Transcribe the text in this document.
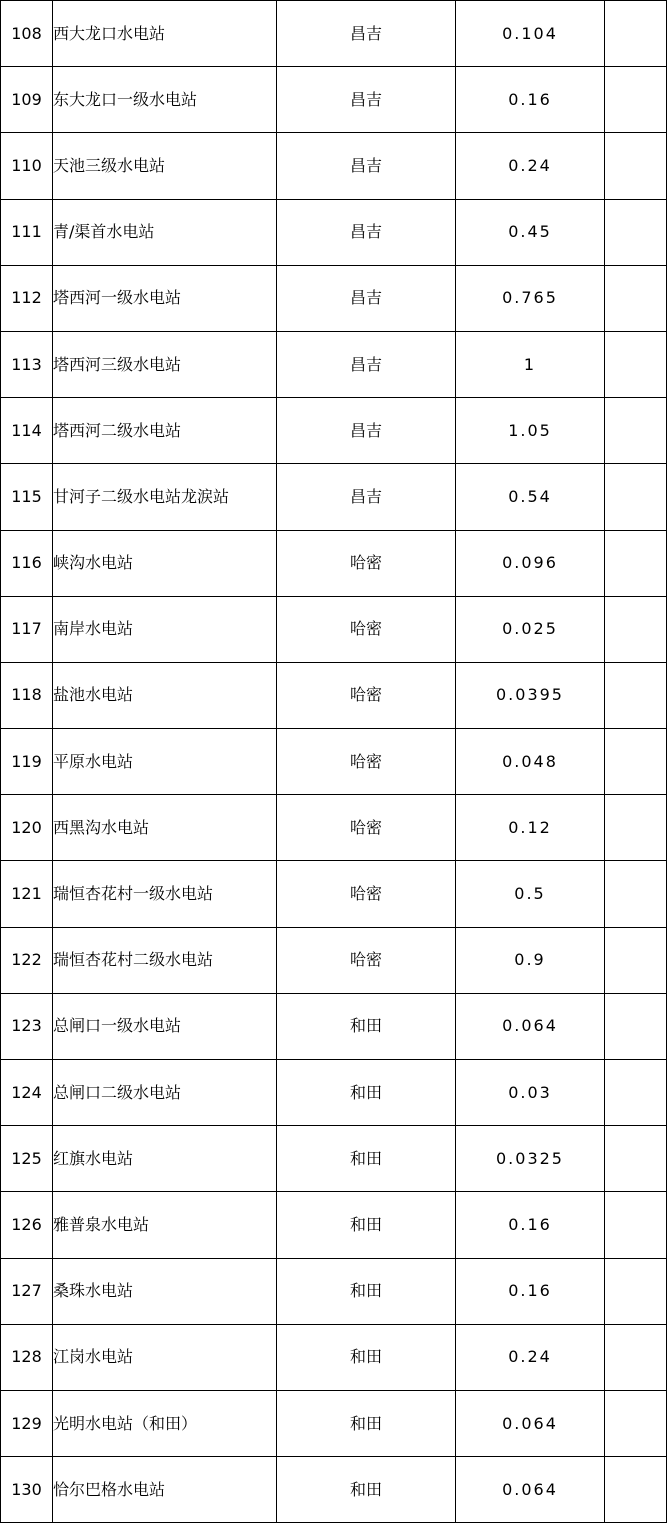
108	西大龙口水电站	昌吉	0.104	
109	东大龙口一级水电站	昌吉	0.16	
110	天池三级水电站	昌吉	0.24	
111	青/渠首水电站	昌吉	0.45	
112	塔西河一级水电站	昌吉	0.765	
113	塔西河三级水电站	昌吉	1	
114	塔西河二级水电站	昌吉	1.05	
115	甘河子二级水电站龙涙站	昌吉	0.54	
116	峡沟水电站	哈密	0.096	
117	南岸水电站	哈密	0.025	
118	盐池水电站	哈密	0.0395	
119	平原水电站	哈密	0.048	
120	西黑沟水电站	哈密	0.12	
121	瑞恒杏花村一级水电站	哈密	0.5	
122	瑞恒杏花村二级水电站	哈密	0.9	
123	总闸口一级水电站	和田	0.064	
124	总闸口二级水电站	和田	0.03	
125	红旗水电站	和田	0.0325	
126	雅普泉水电站	和田	0.16	
127	桑珠水电站	和田	0.16	
128	江岗水电站	和田	0.24	
129	光明水电站（和田）	和田	0.064	
130	恰尔巴格水电站	和田	0.064	
